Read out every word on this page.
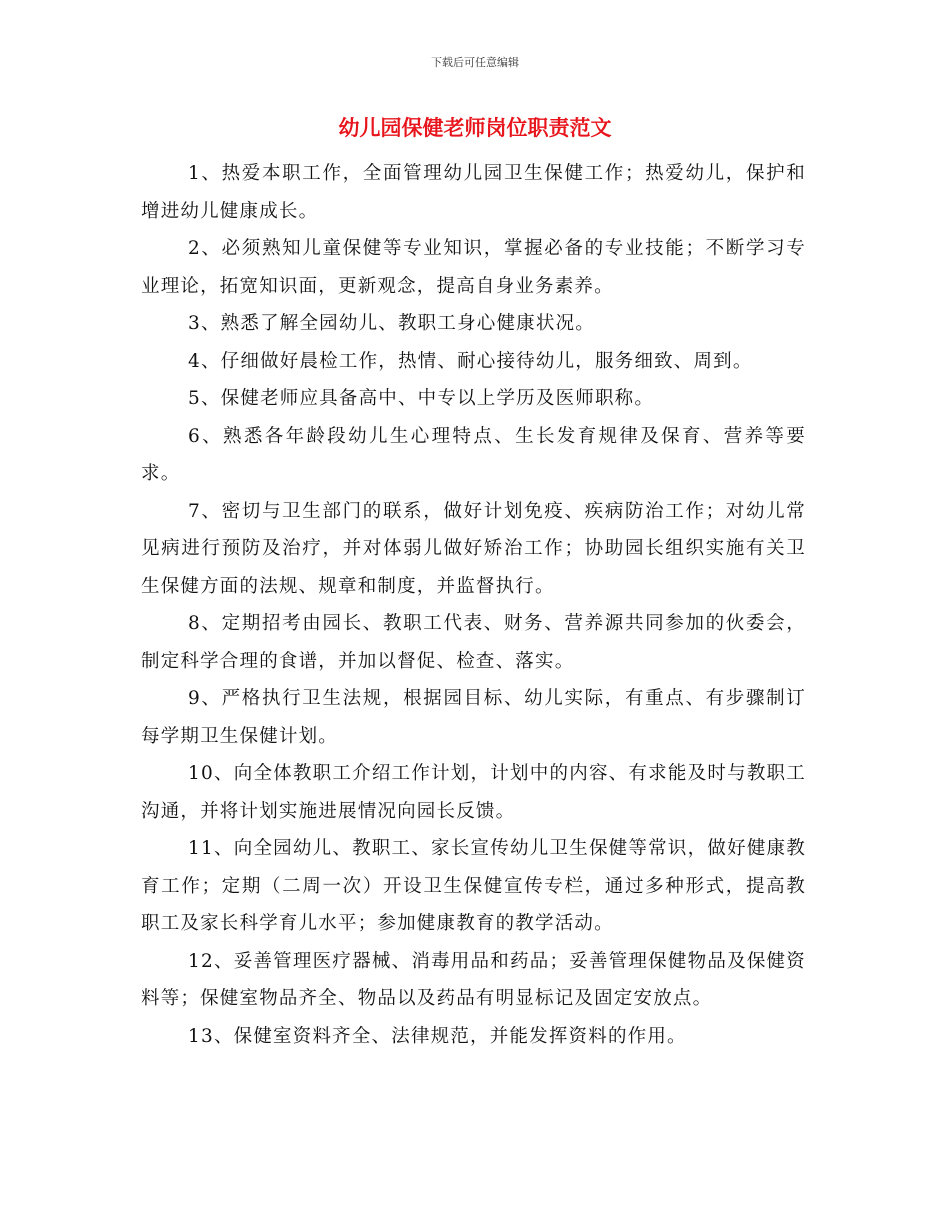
下载后可任意编辑
幼儿园保健老师岗位职责范文

1、热爱本职工作，全面管理幼儿园卫生保健工作；热爱幼儿，保护和增进幼儿健康成长。

2、必须熟知儿童保健等专业知识，掌握必备的专业技能；不断学习专业理论，拓宽知识面，更新观念，提高自身业务素养。

3、熟悉了解全园幼儿、教职工身心健康状况。

4、仔细做好晨检工作，热情、耐心接待幼儿，服务细致、周到。

5、保健老师应具备高中、中专以上学历及医师职称。

6、熟悉各年龄段幼儿生心理特点、生长发育规律及保育、营养等要求。

7、密切与卫生部门的联系，做好计划免疫、疾病防治工作；对幼儿常见病进行预防及治疗，并对体弱儿做好矫治工作；协助园长组织实施有关卫生保健方面的法规、规章和制度，并监督执行。

8、定期招考由园长、教职工代表、财务、营养源共同参加的伙委会，制定科学合理的食谱，并加以督促、检查、落实。

9、严格执行卫生法规，根据园目标、幼儿实际，有重点、有步骤制订每学期卫生保健计划。

10、向全体教职工介绍工作计划，计划中的内容、有求能及时与教职工沟通，并将计划实施进展情况向园长反馈。

11、向全园幼儿、教职工、家长宣传幼儿卫生保健等常识，做好健康教育工作；定期（二周一次）开设卫生保健宣传专栏，通过多种形式，提高教职工及家长科学育儿水平；参加健康教育的教学活动。

12、妥善管理医疗器械、消毒用品和药品；妥善管理保健物品及保健资料等；保健室物品齐全、物品以及药品有明显标记及固定安放点。

13、保健室资料齐全、法律规范，并能发挥资料的作用。
